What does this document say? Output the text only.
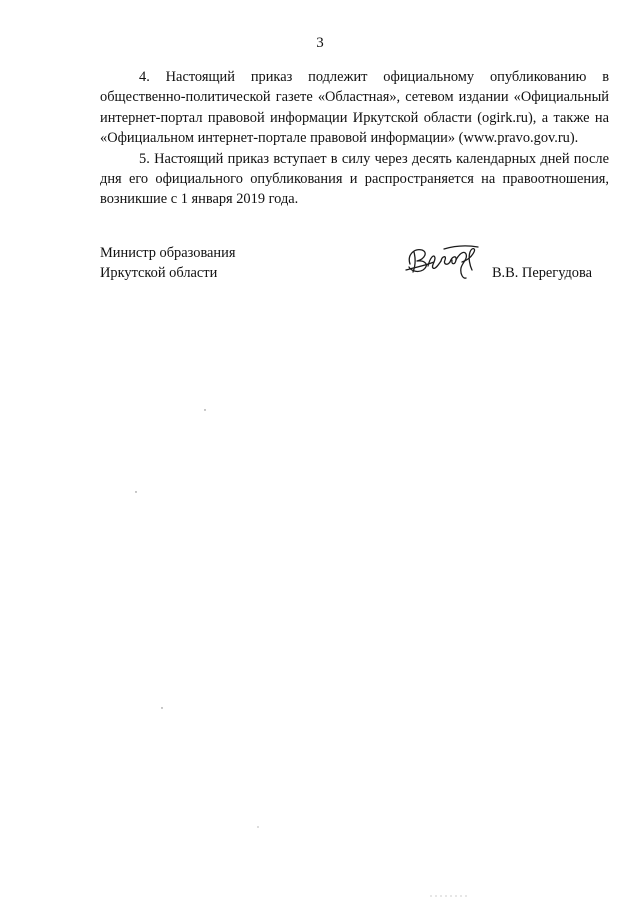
3

4. Настоящий приказ подлежит официальному опубликованию в общественно-политической газете «Областная», сетевом издании «Официальный интернет-портал правовой информации Иркутской области (ogirk.ru), а также на «Официальном интернет-портале правовой информации» (www.pravo.gov.ru).

5. Настоящий приказ вступает в силу через десять календарных дней после дня его официального опубликования и распространяется на правоотношения, возникшие с 1 января 2019 года.

Министр образования
Иркутской области	В.В. Перегудова
